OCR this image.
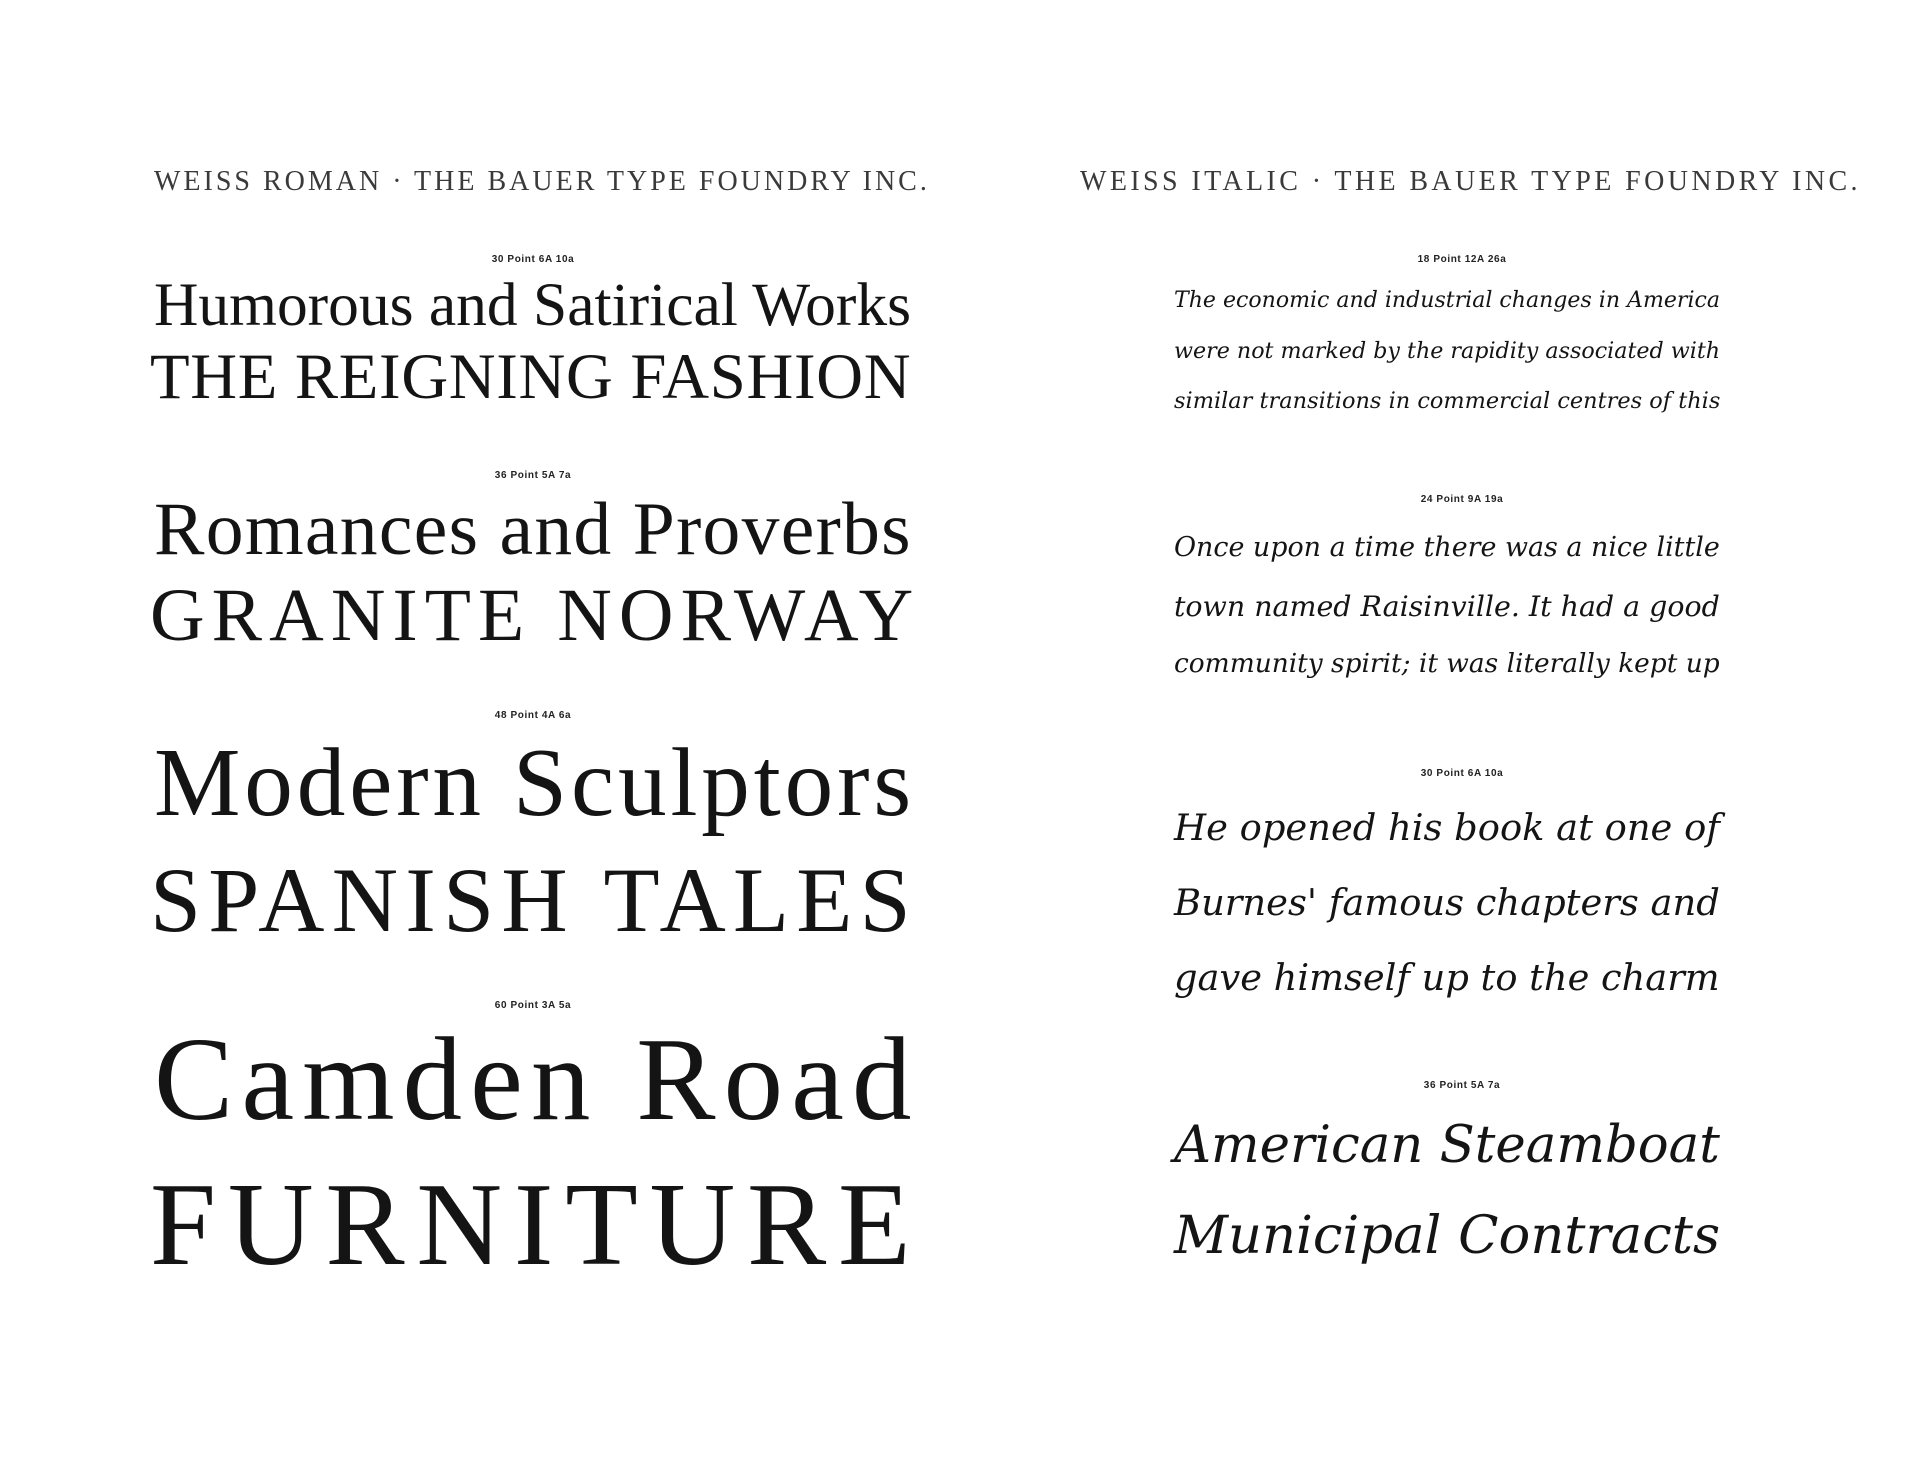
WEISS ROMAN · THE BAUER TYPE FOUNDRY INC.
30 Point 6A 10a
Humorous and Satirical Works
THE REIGNING FASHION
36 Point 5A 7a
Romances and Proverbs
GRANITE NORWAY
48 Point 4A 6a
Modern Sculptors
SPANISH TALES
60 Point 3A 5a
Camden Road
FURNITURE
WEISS ITALIC · THE BAUER TYPE FOUNDRY INC.
18 Point 12A 26a
The economic and industrial changes in America
were not marked by the rapidity associated with
similar transitions in commercial centres of this
24 Point 9A 19a
Once upon a time there was a nice little
town named Raisinville. It had a good
community spirit; it was literally kept up
30 Point 6A 10a
He opened his book at one of
Burnes' famous chapters and
gave himself up to the charm
36 Point 5A 7a
American Steamboat
Municipal Contracts
